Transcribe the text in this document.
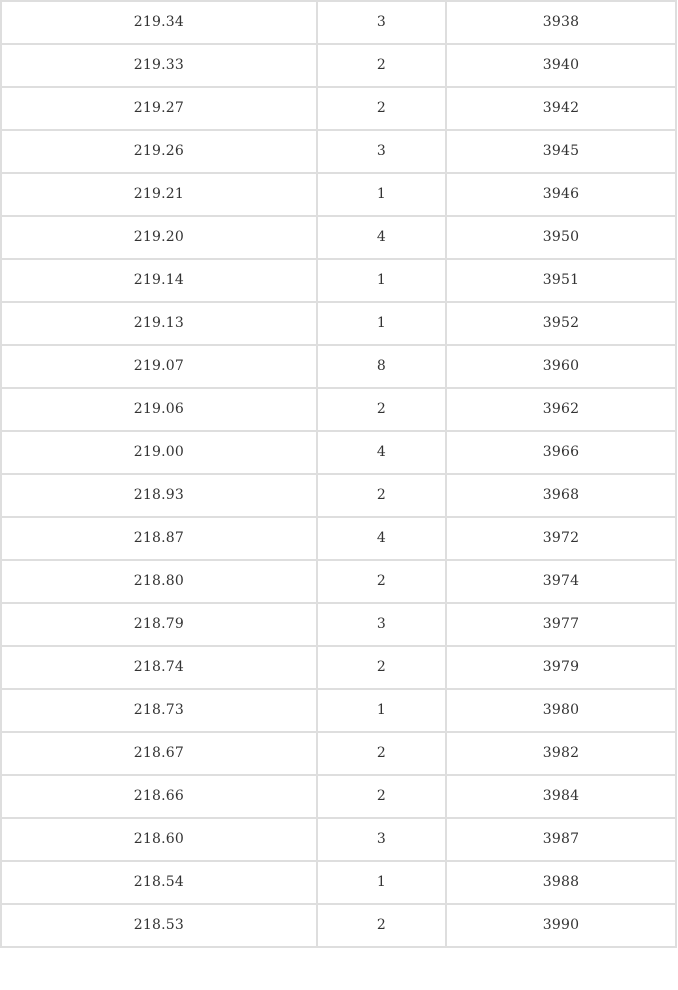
219.34	3	3938
219.33	2	3940
219.27	2	3942
219.26	3	3945
219.21	1	3946
219.20	4	3950
219.14	1	3951
219.13	1	3952
219.07	8	3960
219.06	2	3962
219.00	4	3966
218.93	2	3968
218.87	4	3972
218.80	2	3974
218.79	3	3977
218.74	2	3979
218.73	1	3980
218.67	2	3982
218.66	2	3984
218.60	3	3987
218.54	1	3988
218.53	2	3990
